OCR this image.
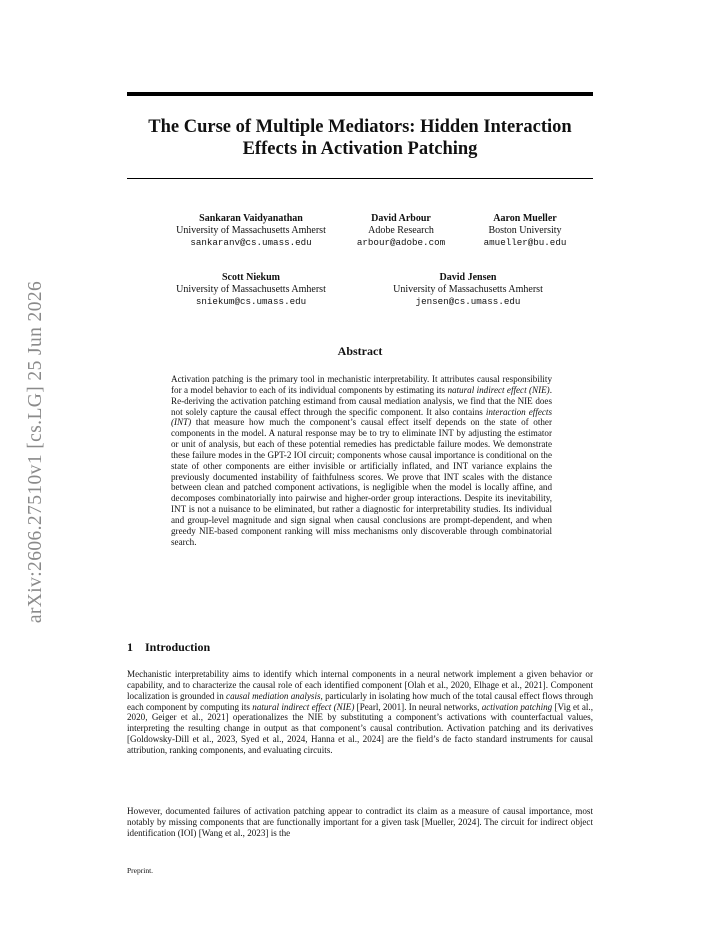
arXiv:2606.27510v1 [cs.LG] 25 Jun 2026
The Curse of Multiple Mediators: Hidden Interaction Effects in Activation Patching
Sankaran Vaidyanathan
University of Massachusetts Amherst
sankaranv@cs.umass.edu
David Arbour
Adobe Research
arbour@adobe.com
Aaron Mueller
Boston University
amueller@bu.edu
Scott Niekum
University of Massachusetts Amherst
sniekum@cs.umass.edu
David Jensen
University of Massachusetts Amherst
jensen@cs.umass.edu
Abstract

Activation patching is the primary tool in mechanistic interpretability. It attributes causal responsibility for a model behavior to each of its individual components by estimating its natural indirect effect (NIE). Re-deriving the activation patching estimand from causal mediation analysis, we find that the NIE does not solely capture the causal effect through the specific component. It also contains interaction effects (INT) that measure how much the component’s causal effect itself depends on the state of other components in the model. A natural response may be to try to eliminate INT by adjusting the estimator or unit of analysis, but each of these potential remedies has predictable failure modes. We demonstrate these failure modes in the GPT-2 IOI circuit; components whose causal importance is conditional on the state of other components are either invisible or artificially inflated, and INT variance explains the previously documented instability of faithfulness scores. We prove that INT scales with the distance between clean and patched component activations, is negligible when the model is locally affine, and decomposes combinatorially into pairwise and higher-order group interactions. Despite its inevitability, INT is not a nuisance to be eliminated, but rather a diagnostic for interpretability studies. Its individual and group-level magnitude and sign signal when causal conclusions are prompt-dependent, and when greedy NIE-based component ranking will miss mechanisms only discoverable through combinatorial search.

1 Introduction

Mechanistic interpretability aims to identify which internal components in a neural network implement a given behavior or capability, and to characterize the causal role of each identified component [Olah et al., 2020, Elhage et al., 2021]. Component localization is grounded in causal mediation analysis, particularly in isolating how much of the total causal effect flows through each component by computing its natural indirect effect (NIE) [Pearl, 2001]. In neural networks, activation patching [Vig et al., 2020, Geiger et al., 2021] operationalizes the NIE by substituting a component’s activations with counterfactual values, interpreting the resulting change in output as that component’s causal contribution. Activation patching and its derivatives [Goldowsky-Dill et al., 2023, Syed et al., 2024, Hanna et al., 2024] are the field’s de facto standard instruments for causal attribution, ranking components, and evaluating circuits.

However, documented failures of activation patching appear to contradict its claim as a measure of causal importance, most notably by missing components that are functionally important for a given task [Mueller, 2024]. The circuit for indirect object identification (IOI) [Wang et al., 2023] is the

Preprint.
